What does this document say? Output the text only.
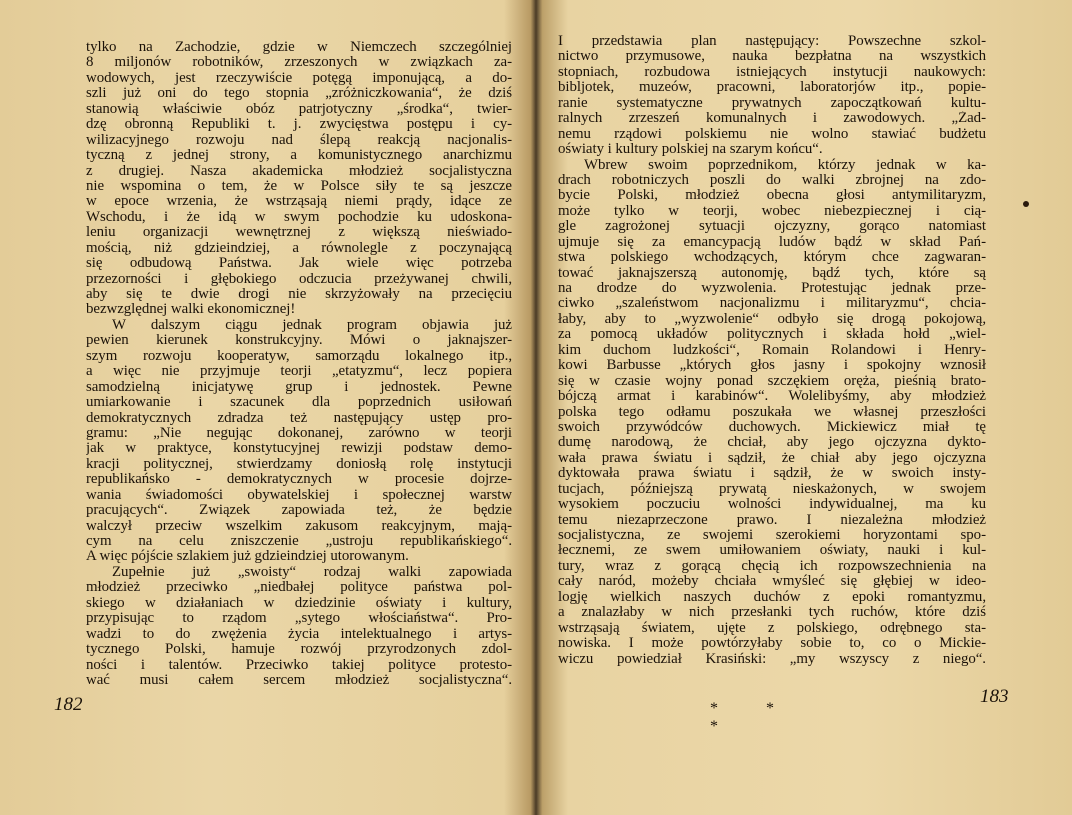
tylko na Zachodzie, gdzie w Niemczech szczególniej
8 miljonów robotników, zrzeszonych w związkach za-
wodowych, jest rzeczywiście potęgą imponującą, a do-
szli już oni do tego stopnia „zróżniczkowania“, że dziś
stanowią właściwie obóz patrjotyczny „środka“, twier-
dzę obronną Republiki t. j. zwycięstwa postępu i cy-
wilizacyjnego rozwoju nad ślepą reakcją nacjonalis-
tyczną z jednej strony, a komunistycznego anarchizmu
z drugiej. Nasza akademicka młodzież socjalistyczna
nie wspomina o tem, że w Polsce siły te są jeszcze
w epoce wrzenia, że wstrząsają niemi prądy, idące ze
Wschodu, i że idą w swym pochodzie ku udoskona-
leniu organizacji wewnętrznej z większą nieświado-
mością, niż gdzieindziej, a równolegle z poczynającą
się odbudową Państwa. Jak wiele więc potrzeba
przezorności i głębokiego odczucia przeżywanej chwili,
aby się te dwie drogi nie skrzyżowały na przecięciu
bezwzględnej walki ekonomicznej!
W dalszym ciągu jednak program objawia już
pewien kierunek konstrukcyjny. Mówi o jaknajszer-
szym rozwoju kooperatyw, samorządu lokalnego itp.,
a więc nie przyjmuje teorji „etatyzmu“, lecz popiera
samodzielną inicjatywę grup i jednostek. Pewne
umiarkowanie i szacunek dla poprzednich usiłowań
demokratycznych zdradza też następujący ustęp pro-
gramu: „Nie negując dokonanej, zarówno w teorji
jak w praktyce, konstytucyjnej rewizji podstaw demo-
kracji politycznej, stwierdzamy doniosłą rolę instytucji
republikańsko - demokratycznych w procesie dojrze-
wania świadomości obywatelskiej i społecznej warstw
pracujących“. Związek zapowiada też, że będzie
walczył przeciw wszelkim zakusom reakcyjnym, mają-
cym na celu zniszczenie „ustroju republikańskiego“.
A więc pójście szlakiem już gdzieindziej utorowanym.
Zupełnie już „swoisty“ rodzaj walki zapowiada
młodzież przeciwko „niedbałej polityce państwa pol-
skiego w działaniach w dziedzinie oświaty i kultury,
przypisując to rządom „sytego włościaństwa“. Pro-
wadzi to do zwężenia życia intelektualnego i artys-
tycznego Polski, hamuje rozwój przyrodzonych zdol-
ności i talentów. Przeciwko takiej polityce protesto-
wać musi całem sercem młodzież socjalistyczna“.
182
I przedstawia plan następujący: Powszechne szkol-
nictwo przymusowe, nauka bezpłatna na wszystkich
stopniach, rozbudowa istniejących instytucji naukowych:
bibljotek, muzeów, pracowni, laboratorjów itp., popie-
ranie systematyczne prywatnych zapoczątkowań kultu-
ralnych zrzeszeń komunalnych i zawodowych. „Żad-
nemu rządowi polskiemu nie wolno stawiać budżetu
oświaty i kultury polskiej na szarym końcu“.
Wbrew swoim poprzednikom, którzy jednak w ka-
drach robotniczych poszli do walki zbrojnej na zdo-
bycie Polski, młodzież obecna głosi antymilitaryzm,
może tylko w teorji, wobec niebezpiecznej i cią-
gle zagrożonej sytuacji ojczyzny, gorąco natomiast
ujmuje się za emancypacją ludów bądź w skład Pań-
stwa polskiego wchodzących, którym chce zagwaran-
tować jaknajszerszą autonomję, bądź tych, które są
na drodze do wyzwolenia. Protestując jednak prze-
ciwko „szaleństwom nacjonalizmu i militaryzmu“, chcia-
łaby, aby to „wyzwolenie“ odbyło się drogą pokojową,
za pomocą układów politycznych i składa hołd „wiel-
kim duchom ludzkości“, Romain Rolandowi i Henry-
kowi Barbusse „których głos jasny i spokojny wznosił
się w czasie wojny ponad szczękiem oręża, pieśnią brato-
bójczą armat i karabinów“. Wolelibyśmy, aby młodzież
polska tego odłamu poszukała we własnej przeszłości
swoich przywódców duchowych. Mickiewicz miał tę
dumę narodową, że chciał, aby jego ojczyzna dykto-
wała prawa światu i sądził, że chiał aby jego ojczyzna
dyktowała prawa światu i sądził, że w swoich insty-
tucjach, późniejszą prywatą nieskażonych, w swojem
wysokiem poczuciu wolności indywidualnej, ma ku
temu niezaprzeczone prawo. I niezależna młodzież
socjalistyczna, ze swojemi szerokiemi horyzontami spo-
łecznemi, ze swem umiłowaniem oświaty, nauki i kul-
tury, wraz z gorącą chęcią ich rozpowszechnienia na
cały naród, możeby chciała wmyśleć się głębiej w ideo-
logję wielkich naszych duchów z epoki romantyzmu,
a znalazłaby w nich przesłanki tych ruchów, które dziś
wstrząsają światem, ujęte z polskiego, odrębnego sta-
nowiska. I może powtórzyłaby sobie to, co o Mickie-
wiczu powiedział Krasiński: „my wszyscy z niego“.
183
* * *
